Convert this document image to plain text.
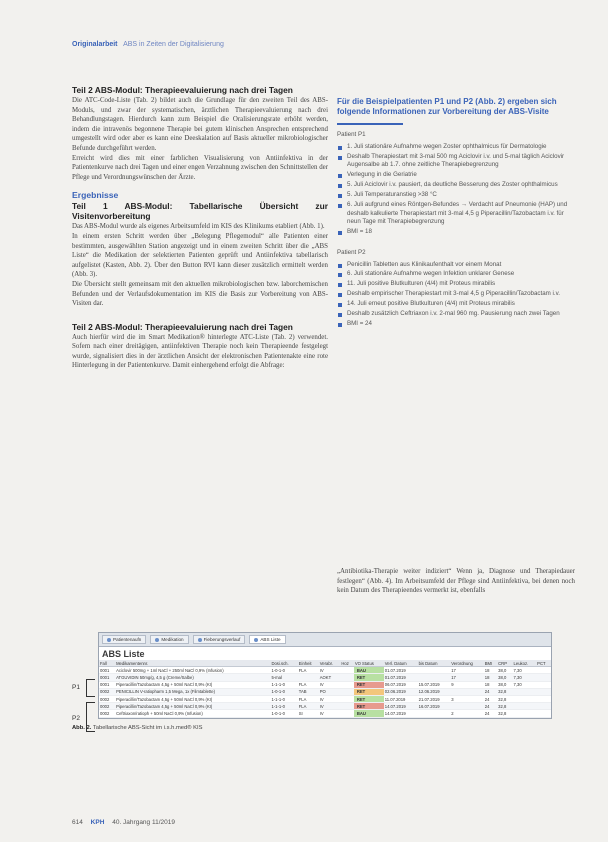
Originalarbeit ABS in Zeiten der Digitalisierung
Teil 2 ABS-Modul: Therapieevaluierung nach drei Tagen

Die ATC-Code-Liste (Tab. 2) bildet auch die Grundlage für den zweiten Teil des ABS-Moduls, und zwar der systematischen, ärztlichen Therapieevaluierung nach drei Behandlungstagen. Hierdurch kann zum Beispiel die Oralisierungsrate erhöht werden, indem die intravenös begonnene Therapie bei gutem klinischen Ansprechen entsprechend umgestellt wird oder aber es kann eine Deeskalation auf Basis aktueller mikrobiologischer Befunde durchgeführt werden.

Erreicht wird dies mit einer farblichen Visualisierung von Antiinfektiva in der Patientenkurve nach drei Tagen und einer engen Verzahnung zwischen den Schnittstellen der Pflege und Verordnungswünschen der Ärzte.

Ergebnisse
Teil 1 ABS-Modul: Tabellarische Übersicht zur Visitenvorbereitung

Das ABS-Modul wurde als eigenes Arbeitsumfeld im KIS des Klinikums etabliert (Abb. 1).

In einem ersten Schritt werden über „Belegung Pflegemodul“ alle Patienten einer bestimmten, ausgewählten Station angezeigt und in einem zweiten Schritt über die „ABS Liste“ die Medikation der selektierten Patienten geprüft und Antiinfektiva tabellarisch aufgelistet (Kasten, Abb. 2). Über den Button RVI kann dieser zusätzlich ermittelt werden (Abb. 3).

Die Übersicht stellt gemeinsam mit den aktuellen mikrobiologischen bzw. laborchemischen Befunden und der Verlaufsdokumentation im KIS die Basis zur Vorbereitung von ABS-Visiten dar.

Teil 2 ABS-Modul: Therapieevaluierung nach drei Tagen

Auch hierfür wird die im Smart Medikation® hinterlegte ATC-Liste (Tab. 2) verwendet. Sofern nach einer dreitägigen, antiinfektiven Therapie noch kein Therapieende festgelegt wurde, signalisiert dies in der ärztlichen Ansicht der elektronischen Patientenakte eine rote Hinterlegung in der Patientenkurve. Damit einhergehend erfolgt die Abfrage:

Für die Beispielpatienten P1 und P2 (Abb. 2) ergeben sich folgende Informationen zur Vorbereitung der ABS-Visite
Patient P1
1. Juli stationäre Aufnahme wegen Zoster ophthalmicus für Dermatologie
Deshalb Therapiestart mit 3-mal 500 mg Aciclovir i.v. und 5-mal täglich Aciclovir Augensalbe ab 1.7. ohne zeitliche Therapiebegrenzung
Verlegung in die Geriatrie
5. Juli Aciclovir i.v. pausiert, da deutliche Besserung des Zoster ophthalmicus
5. Juli Temperaturanstieg >38 °C
6. Juli aufgrund eines Röntgen-Befundes → Verdacht auf Pneumonie (HAP) und deshalb kalkulierte Therapiestart mit 3-mal 4,5 g Piperacillin/Tazobactam i.v. für neun Tage mit Therapiebegrenzung
BMI = 18
Patient P2
Penicillin Tabletten aus Klinikaufenthalt vor einem Monat
6. Juli stationäre Aufnahme wegen Infektion unklarer Genese
11. Juli positive Blutkulturen (4/4) mit Proteus mirabilis
Deshalb empirischer Therapiestart mit 3-mal 4,5 g Piperacillin/Tazobactam i.v.
14. Juli erneut positive Blutkulturen (4/4) mit Proteus mirabilis
Deshalb zusätzlich Ceftriaxon i.v. 2-mal 960 mg. Pausierung nach zwei Tagen
BMI = 24
„Antibiotika-Therapie weiter indiziert“ Wenn ja, Diagnose und Therapiedauer festlegen“ (Abb. 4). Im Arbeitsumfeld der Pflege sind Antiinfektiva, bei denen noch kein Datum des Therapieendes vermerkt ist, ebenfalls
P1
P2
Patientenaufn	Medikation	Fieberungsverlauf	ABS Liste
ABS Liste
Fall	Medikamentennr.	Dosi.sch.	Einheit	Verabr.	Hoz	VO Status	Verl. Datum	bis Datum	Verordnung	BMI	CRP	Leukoz.	PCT
0001	Aciclovir 500mg + 1ml NaCl + 250ml NaCl 0,9% (Infusion)	1-0-1-0	FLA	IV		BAU	01.07.2019		17	18	38,0	7,30	
0001	ATGUVIDIN 50mg/g, 4,5 g (Creme/Salbe)	5-mal		AOKT		RET	01.07.2019		17	18	38,0	7,30	
0001	Piperacillin/Tazobactam 4,5g + 50ml NaCl 0,9% (KI)	1-1-1-0	FLA	IV		RET	06.07.2019	15.07.2019	9	18	38,0	7,30	
0002	PENICILLIN V-ratiopharm 1,5 Mega, 1x (Filmtablette)	1-0-1-0	TAB	PO		RET	02.06.2019	12.06.2019		24	32,8		
0002	Piperacillin/Tazobactam 4,5g + 50ml NaCl 0,9% (KI)	1-1-1-0	FLA	IV		RET	11.07.2019	21.07.2019	3	24	32,8		
0002	Piperacillin/Tazobactam 4,5g + 50ml NaCl 0,9% (KI)	1-1-1-0	FLA	IV		RET	14.07.2019	16.07.2019		24	32,8		
0002	Ceftriaxon/ratioph + 50ml NaCl 0,9% (Infusion)	1-0-1-0	SI	IV		BAU	14.07.2019		2	24	32,8		
Abb. 2. Tabellarische ABS-Sicht im i.s.h.med® KIS
614 KPH 40. Jahrgang 11/2019
